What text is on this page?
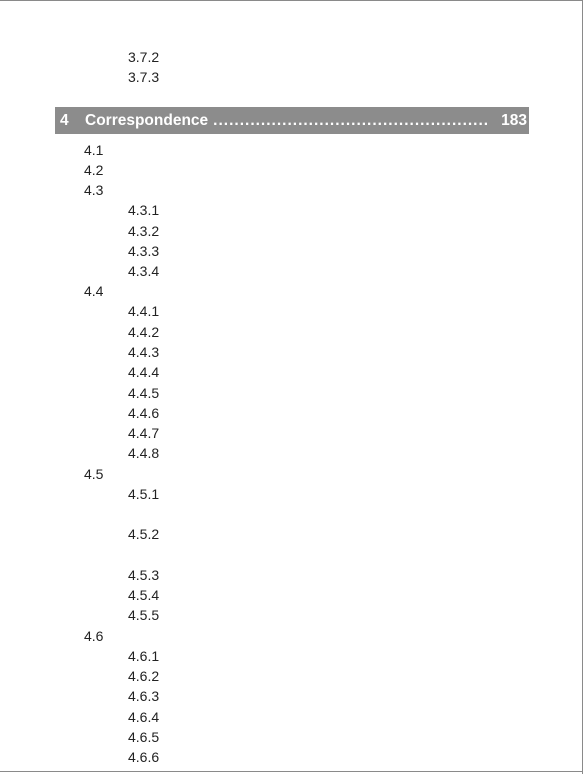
4 Correspondence
.....	183
3.7.2
3.7.3
4.1
4.2
4.3
4.3.1
4.3.2
4.3.3
4.3.4
4.4
4.4.1
4.4.2
4.4.3
4.4.4
4.4.5
4.4.6
4.4.7
4.4.8
4.5
4.5.1
4.5.2
4.5.3
4.5.4
4.5.5
4.6
4.6.1
4.6.2
4.6.3
4.6.4
4.6.5
4.6.6
